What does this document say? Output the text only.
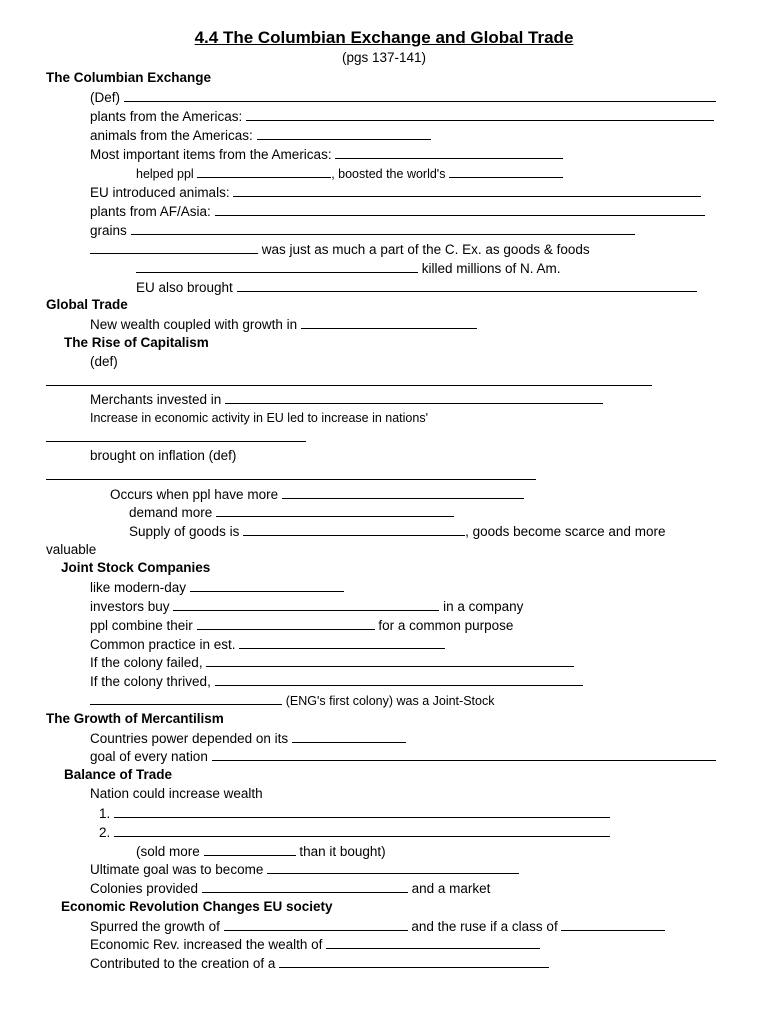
4.4 The Columbian Exchange and Global Trade
(pgs 137-141)
The Columbian Exchange
(Def)
plants from the Americas:
animals from the Americas:
Most important items from the Americas:
helped ppl	, boosted the world's
EU introduced animals:
plants from AF/Asia:
grains
was just as much a part of the C. Ex. as goods & foods
killed millions of N. Am.
EU also brought
Global Trade
New wealth coupled with growth in
The Rise of Capitalism
(def)
Merchants invested in
Increase in economic activity in EU led to increase in nations'
brought on inflation (def)
Occurs when ppl have more
demand more
Supply of goods is	, goods become scarce and more
valuable
Joint Stock Companies
like modern-day
investors buy	in a company
ppl combine their	for a common purpose
Common practice in est.
If the colony failed,
If the colony thrived,
(ENG's first colony) was a Joint-Stock
The Growth of Mercantilism
Countries power depended on its
goal of every nation
Balance of Trade
Nation could increase wealth
1.
2.
(sold more	than it bought)
Ultimate goal was to become
Colonies provided	and a market
Economic Revolution Changes EU society
Spurred the growth of	and the ruse if a class of
Economic Rev. increased the wealth of
Contributed to the creation of a
